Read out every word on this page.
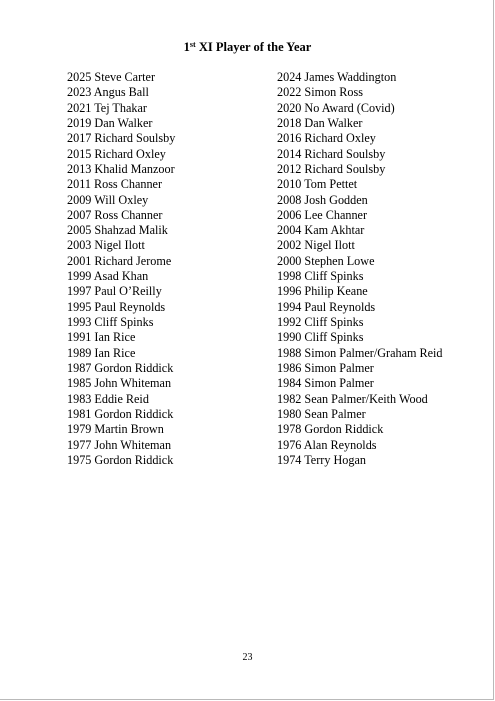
1st XI Player of the Year
2025 Steve Carter
2023 Angus Ball
2021 Tej Thakar
2019 Dan Walker
2017 Richard Soulsby
2015 Richard Oxley
2013 Khalid Manzoor
2011 Ross Channer
2009 Will Oxley
2007 Ross Channer
2005 Shahzad Malik
2003 Nigel Ilott
2001 Richard Jerome
1999 Asad Khan
1997 Paul O’Reilly
1995 Paul Reynolds
1993 Cliff Spinks
1991 Ian Rice
1989 Ian Rice
1987 Gordon Riddick
1985 John Whiteman
1983 Eddie Reid
1981 Gordon Riddick
1979 Martin Brown
1977 John Whiteman
1975 Gordon Riddick
2024 James Waddington
2022 Simon Ross
2020 No Award (Covid)
2018 Dan Walker
2016 Richard Oxley
2014 Richard Soulsby
2012 Richard Soulsby
2010 Tom Pettet
2008 Josh Godden
2006 Lee Channer
2004 Kam Akhtar
2002 Nigel Ilott
2000 Stephen Lowe
1998 Cliff Spinks
1996 Philip Keane
1994 Paul Reynolds
1992 Cliff Spinks
1990 Cliff Spinks
1988 Simon Palmer/Graham Reid
1986 Simon Palmer
1984 Simon Palmer
1982 Sean Palmer/Keith Wood
1980 Sean Palmer
1978 Gordon Riddick
1976 Alan Reynolds
1974 Terry Hogan
23
